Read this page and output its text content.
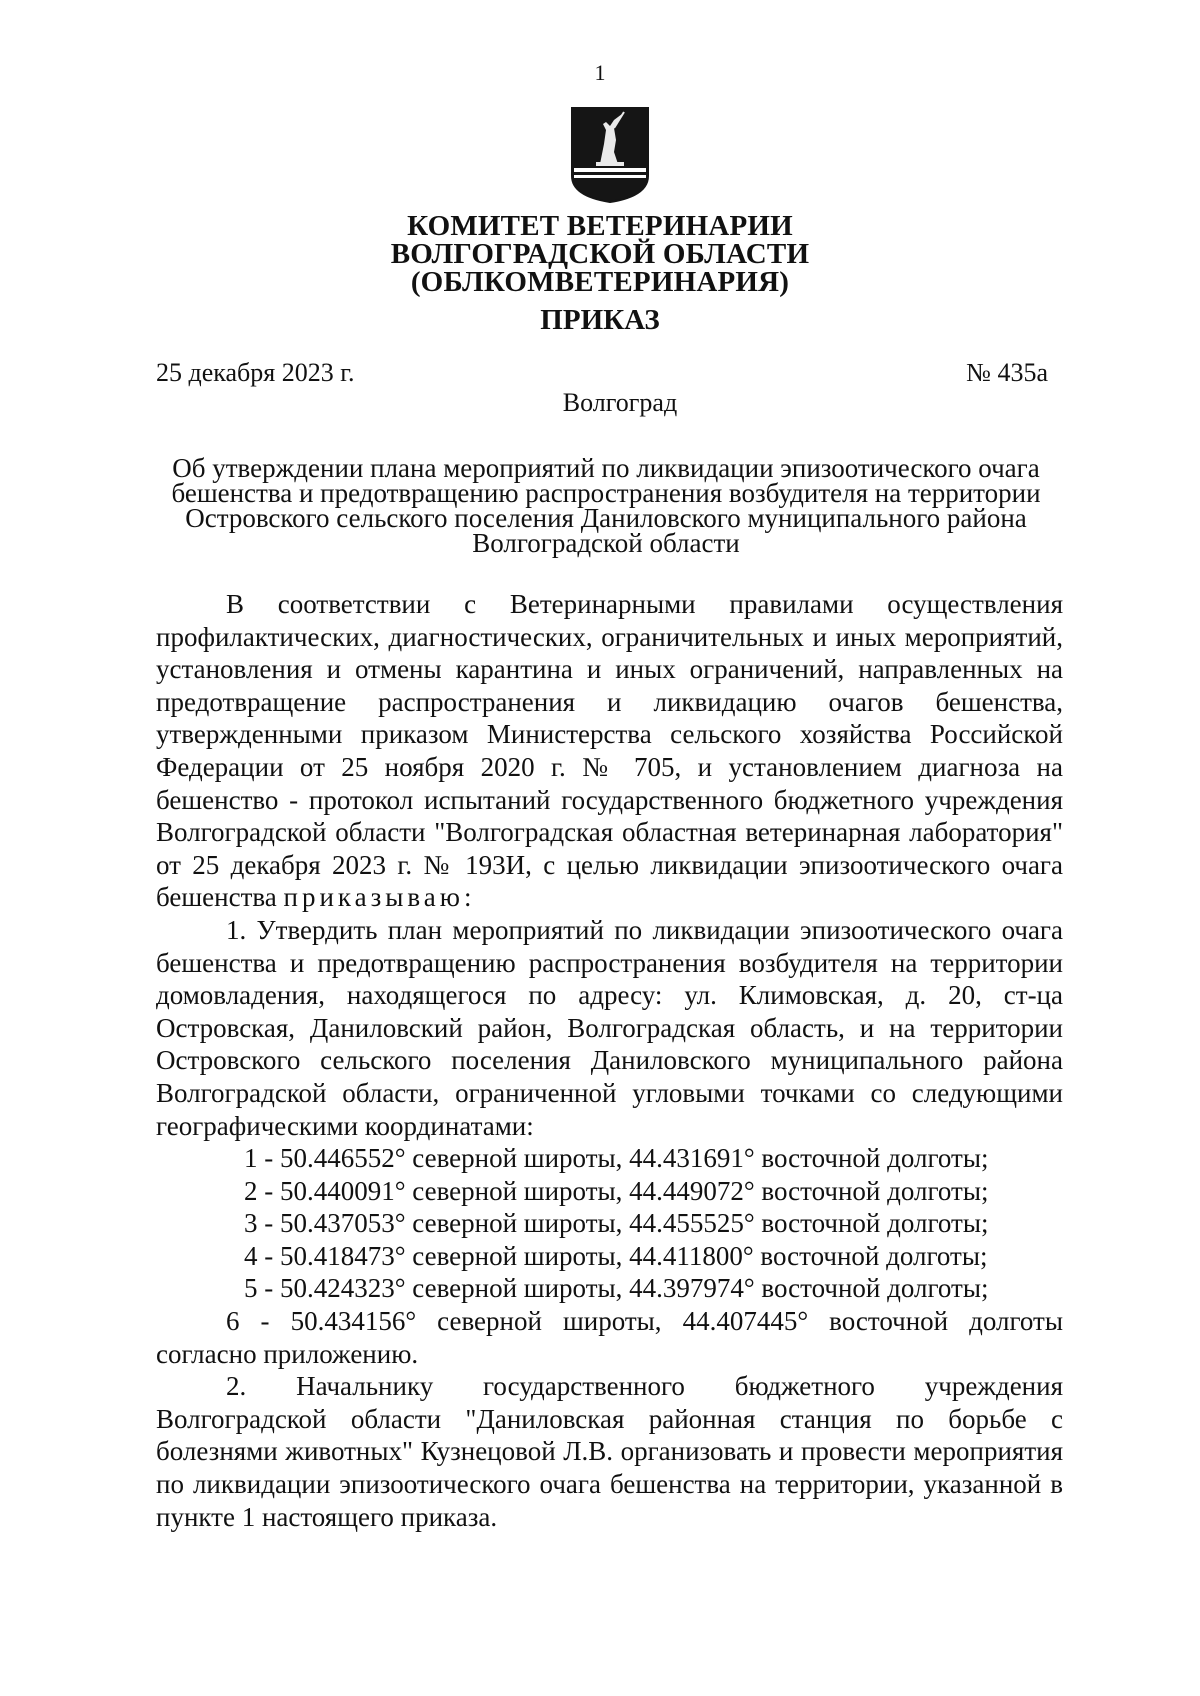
1
КОМИТЕТ ВЕТЕРИНАРИИ
ВОЛГОГРАДСКОЙ ОБЛАСТИ
(ОБЛКОМВЕТЕРИНАРИЯ)
ПРИКАЗ
25 декабря 2023 г.	№ 435а
Волгоград
Об утверждении плана мероприятий по ликвидации эпизоотического очага бешенства и предотвращению распространения возбудителя на территории Островского сельского поселения Даниловского муниципального района Волгоградской области

В соответствии с Ветеринарными правилами осуществления профилактических, диагностических, ограничительных и иных мероприятий, установления и отмены карантина и иных ограничений, направленных на предотвращение распространения и ликвидацию очагов бешенства, утвержденными приказом Министерства сельского хозяйства Российской Федерации от 25 ноября 2020 г. № 705, и установлением диагноза на бешенство - протокол испытаний государственного бюджетного учреждения Волгоградской области "Волгоградская областная ветеринарная лаборатория" от 25 декабря 2023 г. № 193И, с целью ликвидации эпизоотического очага бешенства приказываю:

1. Утвердить план мероприятий по ликвидации эпизоотического очага бешенства и предотвращению распространения возбудителя на территории домовладения, находящегося по адресу: ул. Климовская, д. 20, ст-ца Островская, Даниловский район, Волгоградская область, и на территории Островского сельского поселения Даниловского муниципального района Волгоградской области, ограниченной угловыми точками со следующими географическими координатами:

1 - 50.446552° северной широты, 44.431691° восточной долготы;

2 - 50.440091° северной широты, 44.449072° восточной долготы;

3 - 50.437053° северной широты, 44.455525° восточной долготы;

4 - 50.418473° северной широты, 44.411800° восточной долготы;

5 - 50.424323° северной широты, 44.397974° восточной долготы;

6 - 50.434156° северной широты, 44.407445° восточной долготы согласно приложению.

2. Начальнику государственного бюджетного учреждения Волгоградской области "Даниловская районная станция по борьбе с болезнями животных" Кузнецовой Л.В. организовать и провести мероприятия по ликвидации эпизоотического очага бешенства на территории, указанной в пункте 1 настоящего приказа.
